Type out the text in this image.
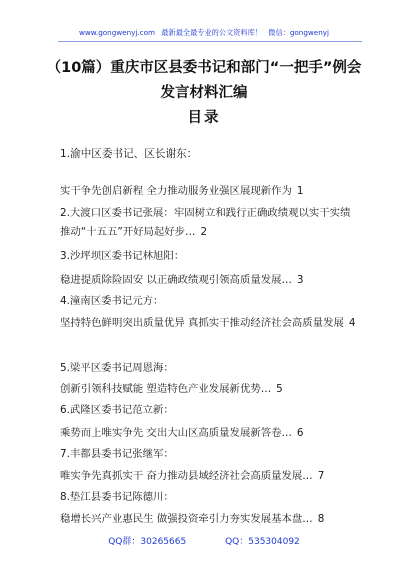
www.gongwenyj.com 最新最全最专业的公文资料库！ 微信：gongwenyj
（10篇）重庆市区县委书记和部门“一把手”例会
发言材料汇编
目录
1.渝中区委书记、区长谢东：
实干争先创启新程 全力推动服务业强区展现新作为 1
2.大渡口区委书记张展：牢固树立和践行正确政绩观以实干实绩推动“十五五”开好局起好步… 2
3.沙坪坝区委书记林旭阳：
稳进提质除险固安 以正确政绩观引领高质量发展… 3
4.潼南区委书记元方：
坚持特色鲜明突出质量优异 真抓实干推动经济社会高质量发展 4
5.梁平区委书记周恩海：
创新引领科技赋能 塑造特色产业发展新优势… 5
6.武隆区委书记范立新：
乘势而上唯实争先 交出大山区高质量发展新答卷… 6
7.丰都县委书记张继军：
唯实争先真抓实干 奋力推动县域经济社会高质量发展… 7
8.垫江县委书记陈德川：
稳增长兴产业惠民生 做强投资牵引力夯实发展基本盘… 8
QQ群：30265665	QQ：535304092
